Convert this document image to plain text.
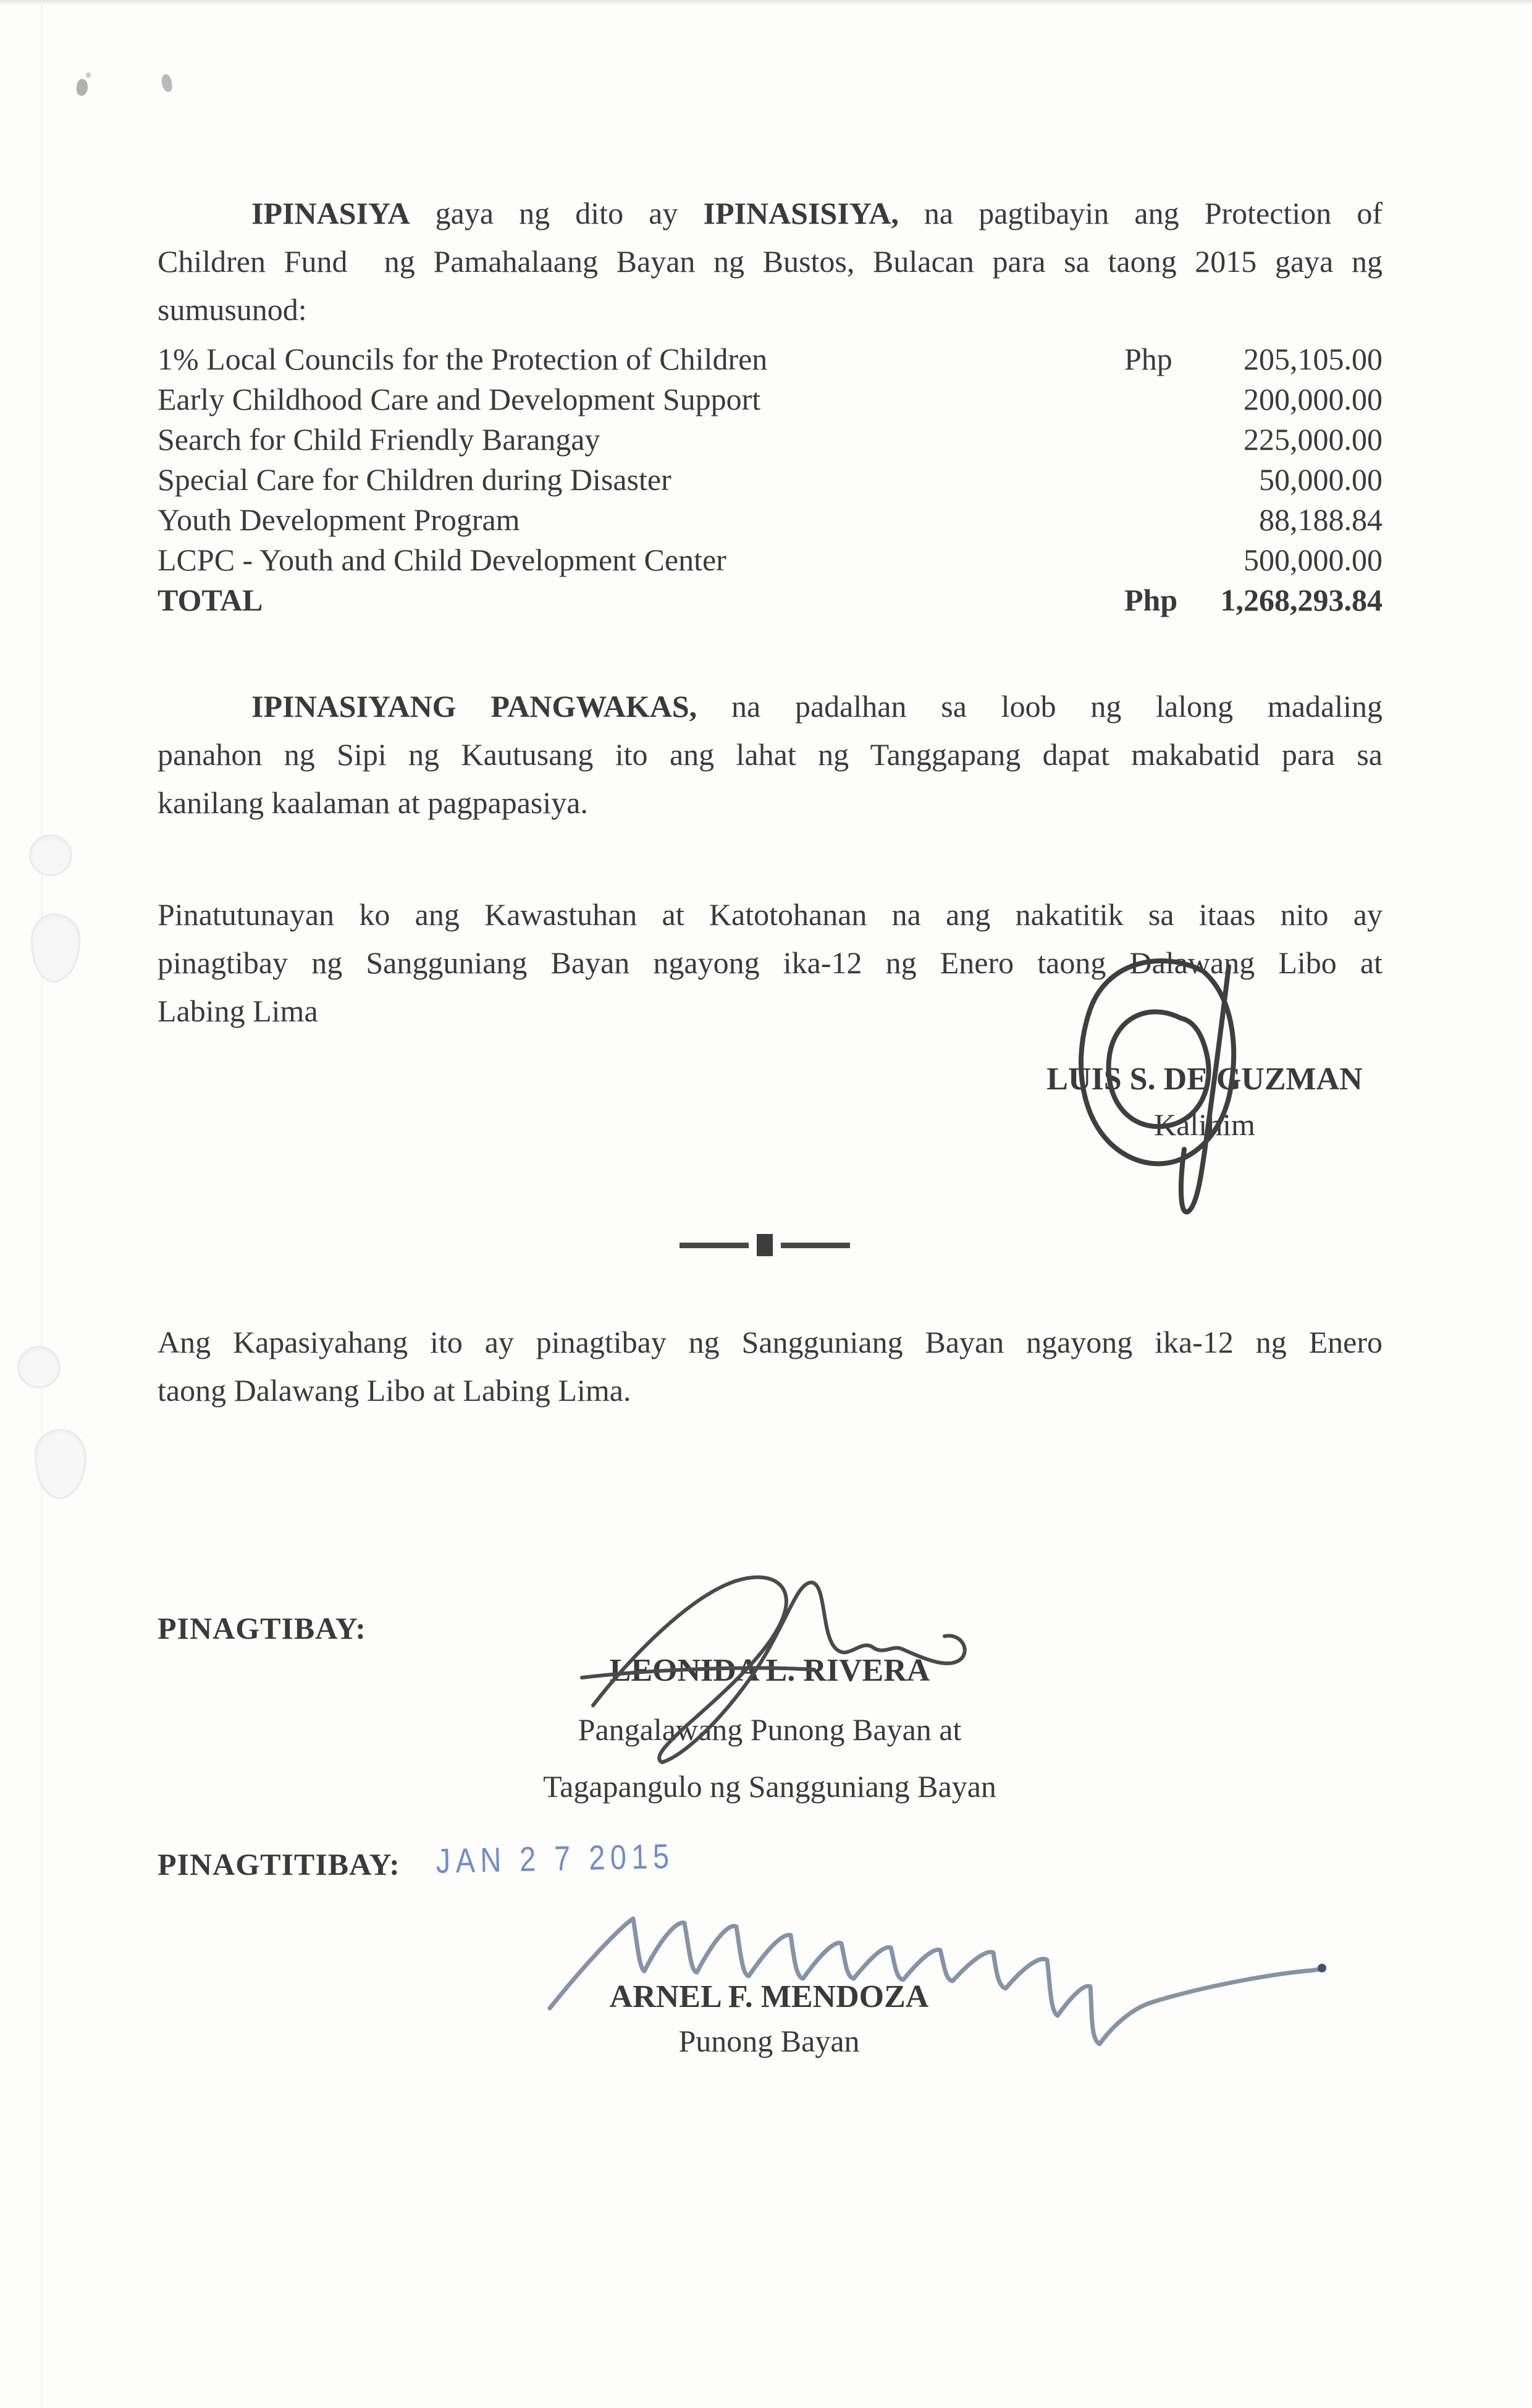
IPINASIYA gaya ng dito ay IPINASISIYA, na pagtibayin ang Protection of
Children Fund  ng Pamahalaang Bayan ng Bustos, Bulacan para sa taong 2015 gaya ng
sumusunod:
1% Local Councils for the Protection of Children	Php 205,105.00
Early Childhood Care and Development Support	200,000.00
Search for Child Friendly Barangay	225,000.00
Special Care for Children during Disaster	50,000.00
Youth Development Program	88,188.84
LCPC - Youth and Child Development Center	500,000.00
TOTAL	Php 1,268,293.84
IPINASIYANG PANGWAKAS, na padalhan sa loob ng lalong madaling
panahon ng Sipi ng Kautusang ito ang lahat ng Tanggapang dapat makabatid para sa
kanilang kaalaman at pagpapasiya.
Pinatutunayan ko ang Kawastuhan at Katotohanan na ang nakatitik sa itaas nito ay
pinagtibay ng Sangguniang Bayan ngayong ika-12 ng Enero taong Dalawang Libo at
Labing Lima
LUIS S. DE GUZMAN
Kalihim
Ang Kapasiyahang ito ay pinagtibay ng Sangguniang Bayan ngayong ika-12 ng Enero
taong Dalawang Libo at Labing Lima.
PINAGTIBAY:
LEONIDA L. RIVERA
Pangalawang Punong Bayan at
Tagapangulo ng Sangguniang Bayan
PINAGTITIBAY: JAN 2 7 2015
ARNEL F. MENDOZA
Punong Bayan
